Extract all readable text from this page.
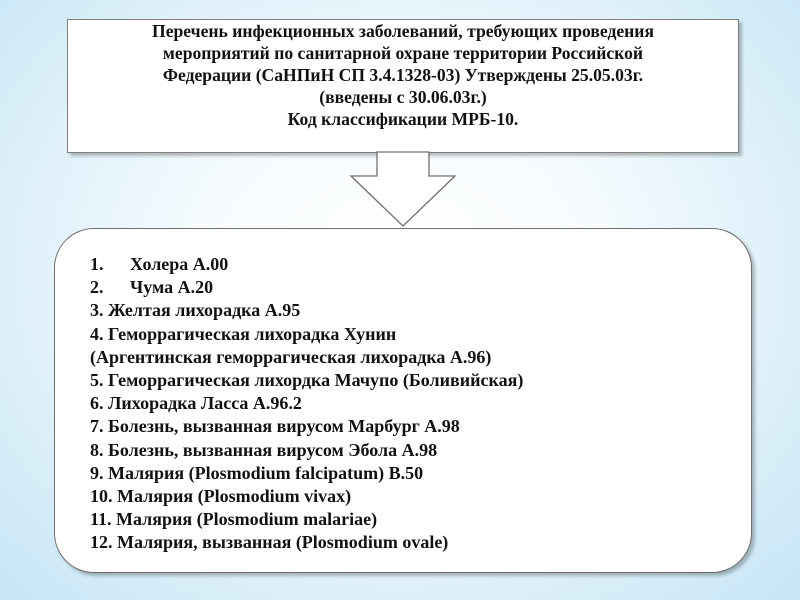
Перечень инфекционных заболеваний, требующих проведения
мероприятий по санитарной охране территории Российской
Федерации (СаНПиН СП 3.4.1328-03) Утверждены 25.05.03г.
(введены с 30.06.03г.)
Код классификации МРБ-10.
1. Холера А.00
2. Чума А.20
3. Желтая лихорадка А.95
4. Геморрагическая лихорадка Хунин
(Аргентинская геморрагическая лихорадка А.96)
5. Геморрагическая лихордка Мачупо (Боливийская)
6. Лихорадка Ласса А.96.2
7. Болезнь, вызванная вирусом Марбург А.98
8. Болезнь, вызванная вирусом Эбола А.98
9. Малярия (Plosmodium falcipatum) В.50
10. Малярия (Plosmodium vivax)
11. Малярия (Plosmodium malariae)
12. Малярия, вызванная (Plosmodium ovale)
